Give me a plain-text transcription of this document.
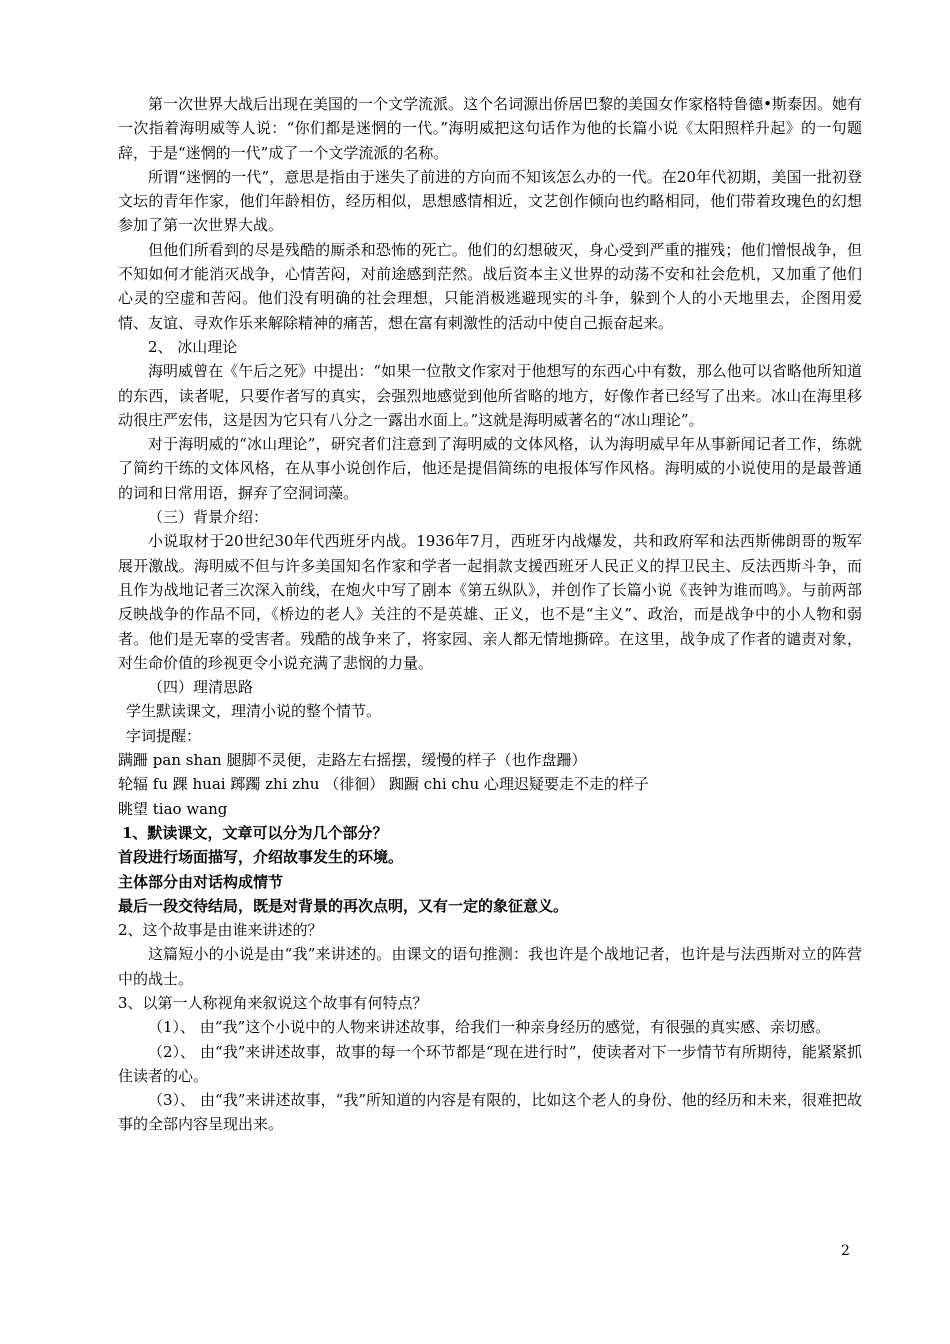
第一次世界大战后出现在美国的一个文学流派。这个名词源出侨居巴黎的美国女作家格特鲁德•斯泰因。她有一次指着海明威等人说：“你们都是迷惘的一代。”海明威把这句话作为他的长篇小说《太阳照样升起》的一句题辞，于是“迷惘的一代”成了一个文学流派的名称。

所谓“迷惘的一代”，意思是指由于迷失了前进的方向而不知该怎么办的一代。在20年代初期，美国一批初登文坛的青年作家，他们年龄相仿，经历相似，思想感情相近，文艺创作倾向也约略相同，他们带着玫瑰色的幻想参加了第一次世界大战。

但他们所看到的尽是残酷的厮杀和恐怖的死亡。他们的幻想破灭，身心受到严重的摧残；他们憎恨战争，但不知如何才能消灭战争，心情苦闷，对前途感到茫然。战后资本主义世界的动荡不安和社会危机，又加重了他们心灵的空虚和苦闷。他们没有明确的社会理想，只能消极逃避现实的斗争，躲到个人的小天地里去，企图用爱情、友谊、寻欢作乐来解除精神的痛苦，想在富有刺激性的活动中使自己振奋起来。

2、 冰山理论

海明威曾在《午后之死》中提出：“如果一位散文作家对于他想写的东西心中有数，那么他可以省略他所知道的东西，读者呢，只要作者写的真实，会强烈地感觉到他所省略的地方，好像作者已经写了出来。冰山在海里移动很庄严宏伟，这是因为它只有八分之一露出水面上。”这就是海明威著名的“冰山理论”。

对于海明威的“冰山理论”，研究者们注意到了海明威的文体风格，认为海明威早年从事新闻记者工作，练就了简约干练的文体风格，在从事小说创作后，他还是提倡简练的电报体写作风格。海明威的小说使用的是最普通的词和日常用语，摒弃了空洞词藻。

（三）背景介绍：

小说取材于20世纪30年代西班牙内战。1936年7月，西班牙内战爆发，共和政府军和法西斯佛朗哥的叛军展开激战。海明威不但与许多美国知名作家和学者一起捐款支援西班牙人民正义的捍卫民主、反法西斯斗争，而且作为战地记者三次深入前线，在炮火中写了剧本《第五纵队》，并创作了长篇小说《丧钟为谁而鸣》。与前两部反映战争的作品不同，《桥边的老人》关注的不是英雄、正义，也不是“主义”、政治，而是战争中的小人物和弱者。他们是无辜的受害者。残酷的战争来了，将家园、亲人都无情地撕碎。在这里，战争成了作者的谴责对象，对生命价值的珍视更令小说充满了悲悯的力量。

（四）理清思路

学生默读课文，理清小说的整个情节。

字词提醒：

蹒跚 pan shan 腿脚不灵便，走路左右摇摆，缓慢的样子（也作盘跚）

轮辐 fu 踝 huai 踯躅 zhi zhu （徘徊） 踟蹰 chi chu 心理迟疑要走不走的样子

眺望 tiao wang

1、默读课文，文章可以分为几个部分？

首段进行场面描写，介绍故事发生的环境。

主体部分由对话构成情节

最后一段交待结局，既是对背景的再次点明，又有一定的象征意义。

2、这个故事是由谁来讲述的？

这篇短小的小说是由“我”来讲述的。由课文的语句推测：我也许是个战地记者，也许是与法西斯对立的阵营中的战士。

3、以第一人称视角来叙说这个故事有何特点？

（1）、 由“我”这个小说中的人物来讲述故事，给我们一种亲身经历的感觉，有很强的真实感、亲切感。

（2）、 由“我”来讲述故事，故事的每一个环节都是“现在进行时”，使读者对下一步情节有所期待，能紧紧抓住读者的心。

（3）、 由“我”来讲述故事，“我”所知道的内容是有限的，比如这个老人的身份、他的经历和未来，很难把故事的全部内容呈现出来。

2
